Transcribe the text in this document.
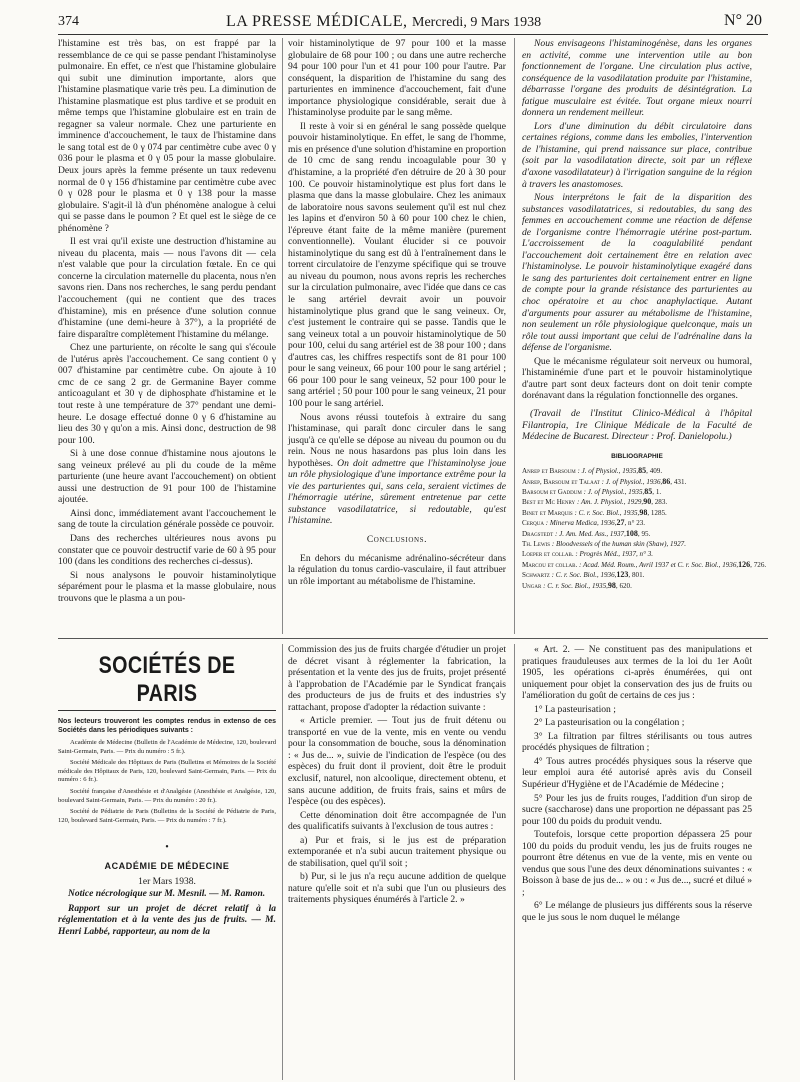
374	LA PRESSE MÉDICALE, Mercredi, 9 Mars 1938	N° 20

l'histamine est très bas, on est frappé par la ressemblance de ce qui se passe pendant l'histaminolyse pulmonaire. En effet, ce n'est que l'histamine globulaire qui subit une diminution importante, alors que l'histamine plasmatique varie très peu. La diminution de l'histamine plasmatique est plus tardive et se produit en même temps que l'histamine globulaire est en train de regagner sa valeur normale. Chez une parturiente en imminence d'accouchement, le taux de l'histamine dans le sang total est de 0 γ 074 par centimètre cube avec 0 γ 036 pour le plasma et 0 γ 05 pour la masse globulaire. Deux jours après la femme présente un taux redevenu normal de 0 γ 156 d'histamine par centimètre cube avec 0 γ 028 pour le plasma et 0 γ 138 pour la masse globulaire. S'agit-il là d'un phénomène analogue à celui qui se passe dans le poumon ? Et quel est le siège de ce phénomène ?

Il est vrai qu'il existe une destruction d'histamine au niveau du placenta, mais — nous l'avons dit — cela n'est valable que pour la circulation fœtale. En ce qui concerne la circulation maternelle du placenta, nous n'en savons rien. Dans nos recherches, le sang perdu pendant l'accouchement (qui ne contient que des traces d'histamine), mis en présence d'une solution connue d'histamine (une demi-heure à 37°), a la propriété de faire disparaître complètement l'histamine du mélange.

Chez une parturiente, on récolte le sang qui s'écoule de l'utérus après l'accouchement. Ce sang contient 0 γ 007 d'histamine par centimètre cube. On ajoute à 10 cmc de ce sang 2 gr. de Germanine Bayer comme anticoagulant et 30 γ de diphosphate d'histamine et le tout reste à une température de 37° pendant une demi-heure. Le dosage effectué donne 0 γ 6 d'histamine au lieu des 30 γ qu'on a mis. Ainsi donc, destruction de 98 pour 100.

Si à une dose connue d'histamine nous ajoutons le sang veineux prélevé au pli du coude de la même parturiente (une heure avant l'accouchement) on obtient aussi une destruction de 91 pour 100 de l'histamine ajoutée.

Ainsi donc, immédiatement avant l'accouchement le sang de toute la circulation générale possède ce pouvoir.

Dans des recherches ultérieures nous avons pu constater que ce pouvoir destructif varie de 60 à 95 pour 100 (dans les conditions des recherches ci-dessus).

Si nous analysons le pouvoir histaminolytique séparément pour le plasma et la masse globulaire, nous trouvons que le plasma a un pou-

voir histaminolytique de 97 pour 100 et la masse globulaire de 68 pour 100 ; ou dans une autre recherche 94 pour 100 pour l'un et 41 pour 100 pour l'autre. Par conséquent, la disparition de l'histamine du sang des parturientes en imminence d'accouchement, fait d'une importance physiologique considérable, serait due à l'histaminolyse produite par le sang même.

Il reste à voir si en général le sang possède quelque pouvoir histaminolytique. En effet, le sang de l'homme, mis en présence d'une solution d'histamine en proportion de 10 cmc de sang rendu incoagulable pour 30 γ d'histamine, a la propriété d'en détruire de 20 à 30 pour 100. Ce pouvoir histaminolytique est plus fort dans le plasma que dans la masse globulaire. Chez les animaux de laboratoire nous savons seulement qu'il est nul chez les lapins et d'environ 50 à 60 pour 100 chez le chien, l'épreuve étant faite de la même manière (purement conventionnelle). Voulant élucider si ce pouvoir histaminolytique du sang est dû à l'entraînement dans le torrent circulatoire de l'enzyme spécifique qui se trouve au niveau du poumon, nous avons repris les recherches sur la circulation pulmonaire, avec l'idée que dans ce cas le sang artériel devrait avoir un pouvoir histaminolytique plus grand que le sang veineux. Or, c'est justement le contraire qui se passe. Tandis que le sang veineux total a un pouvoir histaminolytique de 50 pour 100, celui du sang artériel est de 38 pour 100 ; dans d'autres cas, les chiffres respectifs sont de 81 pour 100 pour le sang veineux, 66 pour 100 pour le sang artériel ; 66 pour 100 pour le sang veineux, 52 pour 100 pour le sang artériel ; 50 pour 100 pour le sang veineux, 21 pour 100 pour le sang artériel.

Nous avons réussi toutefois à extraire du sang l'histaminase, qui paraît donc circuler dans le sang jusqu'à ce qu'elle se dépose au niveau du poumon ou du rein. Nous ne nous hasardons pas plus loin dans les hypothèses. On doit admettre que l'histaminolyse joue un rôle physiologique d'une importance extrême pour la vie des parturientes qui, sans cela, seraient victimes de l'hémorragie utérine, sûrement entretenue par cette substance vasodilatatrice, si redoutable, qu'est l'histamine.

Conclusions.

En dehors du mécanisme adrénalino-sécréteur dans la régulation du tonus cardio-vasculaire, il faut attribuer un rôle important au métabolisme de l'histamine.

Nous envisageons l'histaminogénèse, dans les organes en activité, comme une intervention utile au bon fonctionnement de l'organe. Une circulation plus active, conséquence de la vasodilatation produite par l'histamine, débarrasse l'organe des produits de désintégration. La fatigue musculaire est évitée. Tout organe mieux nourri donnera un rendement meilleur.

Lors d'une diminution du débit circulatoire dans certaines régions, comme dans les embolies, l'intervention de l'histamine, qui prend naissance sur place, contribue (soit par la vasodilatation directe, soit par un réflexe d'axone vasodilatateur) à l'irrigation sanguine de la région à travers les anastomoses.

Nous interprétons le fait de la disparition des substances vasodilatatrices, si redoutables, du sang des femmes en accouchement comme une réaction de défense de l'organisme contre l'hémorragie utérine post-partum. L'accroissement de la coagulabilité pendant l'accouchement doit certainement être en relation avec l'histaminolyse. Le pouvoir histaminolytique exagéré dans le sang des parturientes doit certainement entrer en ligne de compte pour la grande résistance des parturientes au choc opératoire et au choc anaphylactique. Autant d'arguments pour assurer au métabolisme de l'histamine, non seulement un rôle physiologique quelconque, mais un rôle tout aussi important que celui de l'adrénaline dans la défense de l'organisme.

Que le mécanisme régulateur soit nerveux ou humoral, l'histaminémie d'une part et le pouvoir histaminolytique d'autre part sont deux facteurs dont on doit tenir compte dorénavant dans la régulation fonctionnelle des organes.

(Travail de l'Institut Clinico-Médical à l'hôpital Filantropia, 1re Clinique Médicale de la Faculté de Médecine de Bucarest. Directeur : Prof. Danielopolu.)
BIBLIOGRAPHIE
Anrep et Barsoum : J. of Physiol., 1935,85, 409.
Anrep, Barsoum et Talaat : J. of Physiol., 1936,86, 431.
Barsoum et Gaddum : J. of Physiol., 1935,85, 1.
Best et Mc Henry : Am. J. Physiol., 1929,90, 283.
Binet et Marquis : C. r. Soc. Biol., 1935,98, 1285.
Cerqua : Minerva Medica, 1936,27, n° 23.
Dragstedt : J. Am. Med. Ass., 1937,108, 95.
Th. Lewis : Bloodvessels of the human skin (Shaw), 1927.
Loeper et collab. : Progrès Méd., 1937, n° 3.
Marcou et collab. : Acad. Méd. Roum., Avril 1937 et C. r. Soc. Biol., 1936,126, 726.
Schwartz : C. r. Soc. Biol., 1936,123, 801.
Ungar : C. r. Soc. Biol., 1935,98, 620.
SOCIÉTÉS DE PARIS
Nos lecteurs trouveront les comptes rendus in extenso de ces Sociétés dans les périodiques suivants :

Académie de Médecine (Bulletin de l'Académie de Médecine, 120, boulevard Saint-Germain, Paris. — Prix du numéro : 5 fr.).

Société Médicale des Hôpitaux de Paris (Bulletins et Mémoires de la Société médicale des Hôpitaux de Paris, 120, boulevard Saint-Germain, Paris. — Prix du numéro : 6 fr.).

Société française d'Anesthésie et d'Analgésie (Anesthésie et Analgésie, 120, boulevard Saint-Germain, Paris. — Prix du numéro : 20 fr.).

Société de Pédiatrie de Paris (Bulletins de la Société de Pédiatrie de Paris, 120, boulevard Saint-Germain, Paris. — Prix du numéro : 7 fr.).

•
ACADÉMIE DE MÉDECINE
1er Mars 1938.

Notice nécrologique sur M. Mesnil. — M. Ramon.

Rapport sur un projet de décret relatif à la réglementation et à la vente des jus de fruits. — M. Henri Labbé, rapporteur, au nom de la

Commission des jus de fruits chargée d'étudier un projet de décret visant à réglementer la fabrication, la présentation et la vente des jus de fruits, projet présenté à l'approbation de l'Académie par le Syndicat français des producteurs de jus de fruits et des industries s'y rattachant, propose d'adopter la rédaction suivante :

« Article premier. — Tout jus de fruit détenu ou transporté en vue de la vente, mis en vente ou vendu pour la consommation de bouche, sous la dénomination : « Jus de... », suivie de l'indication de l'espèce (ou des espèces) du fruit dont il provient, doit être le produit exclusif, naturel, non alcoolique, directement obtenu, et sans aucune addition, de fruits frais, sains et mûrs de l'espèce (ou des espèces).

Cette dénomination doit être accompagnée de l'un des qualificatifs suivants à l'exclusion de tous autres :

a) Pur et frais, si le jus est de préparation extemporanée et n'a subi aucun traitement physique ou de stabilisation, quel qu'il soit ;

b) Pur, si le jus n'a reçu aucune addition de quelque nature qu'elle soit et n'a subi que l'un ou plusieurs des traitements physiques énumérés à l'article 2. »

« Art. 2. — Ne constituent pas des manipulations et pratiques frauduleuses aux termes de la loi du 1er Août 1905, les opérations ci-après énumérées, qui ont uniquement pour objet la conservation des jus de fruits ou l'amélioration du goût de certains de ces jus :

1° La pasteurisation ;

2° La pasteurisation ou la congélation ;

3° La filtration par filtres stérilisants ou tous autres procédés physiques de filtration ;

4° Tous autres procédés physiques sous la réserve que leur emploi aura été autorisé après avis du Conseil Supérieur d'Hygiène et de l'Académie de Médecine ;

5° Pour les jus de fruits rouges, l'addition d'un sirop de sucre (saccharose) dans une proportion ne dépassant pas 25 pour 100 du poids du produit vendu.

Toutefois, lorsque cette proportion dépassera 25 pour 100 du poids du produit vendu, les jus de fruits rouges ne pourront être détenus en vue de la vente, mis en vente ou vendus que sous l'une des deux dénominations suivantes : « Boisson à base de jus de... » ou : « Jus de..., sucré et dilué » ;

6° Le mélange de plusieurs jus différents sous la réserve que le jus sous le nom duquel le mélange
